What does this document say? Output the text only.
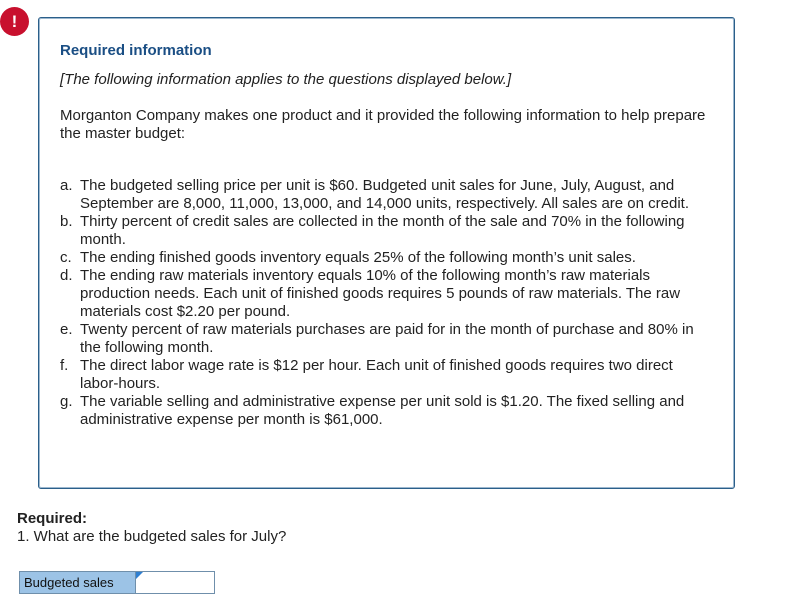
!
Required information

[The following information applies to the questions displayed below.]

Morganton Company makes one product and it provided the following information to help prepare the master budget:

a. The budgeted selling price per unit is $60. Budgeted unit sales for June, July, August, and September are 8,000, 11,000, 13,000, and 14,000 units, respectively. All sales are on credit.
b. Thirty percent of credit sales are collected in the month of the sale and 70% in the following month.
c. The ending finished goods inventory equals 25% of the following month’s unit sales.
d. The ending raw materials inventory equals 10% of the following month’s raw materials production needs. Each unit of finished goods requires 5 pounds of raw materials. The raw materials cost $2.20 per pound.
e. Twenty percent of raw materials purchases are paid for in the month of purchase and 80% in the following month.
f. The direct labor wage rate is $12 per hour. Each unit of finished goods requires two direct labor-hours.
g. The variable selling and administrative expense per unit sold is $1.20. The fixed selling and administrative expense per month is $61,000.
Required:

1. What are the budgeted sales for July?

Budgeted sales
